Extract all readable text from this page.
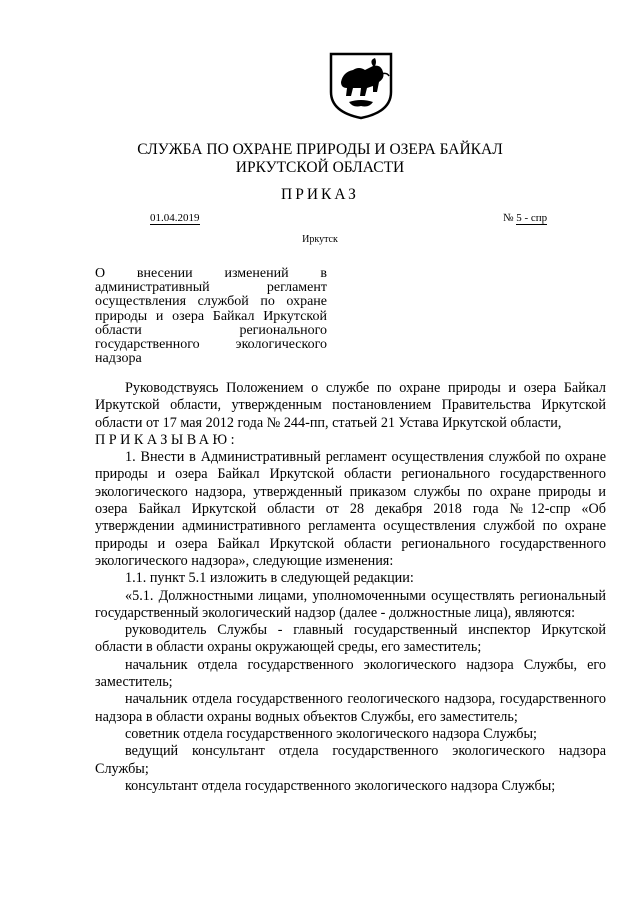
СЛУЖБА ПО ОХРАНЕ ПРИРОДЫ И ОЗЕРА БАЙКАЛ
ИРКУТСКОЙ ОБЛАСТИ
ПРИКАЗ
01.04.2019	№ 5 - спр
Иркутск

О внесении изменений в

административный регламент

осуществления службой по охране

природы и озера Байкал Иркутской

области регионального

государственного экологического

надзора

Руководствуясь Положением о службе по охране природы и озера Байкал Иркутской области, утвержденным постановлением Правительства Иркутской области от 17 мая 2012 года № 244-пп, статьей 21 Устава Иркутской области,

ПРИКАЗЫВАЮ:

1. Внести в Административный регламент осуществления службой по охране природы и озера Байкал Иркутской области регионального государственного экологического надзора, утвержденный приказом службы по охране природы и озера Байкал Иркутской области от 28 декабря 2018 года №12-спр «Об утверждении административного регламента осуществления службой по охране природы и озера Байкал Иркутской области регионального государственного экологического надзора», следующие изменения:

1.1. пункт 5.1 изложить в следующей редакции:

«5.1. Должностными лицами, уполномоченными осуществлять региональный государственный экологический надзор (далее - должностные лица), являются:

руководитель Службы - главный государственный инспектор Иркутской области в области охраны окружающей среды, его заместитель;

начальник отдела государственного экологического надзора Службы, его заместитель;

начальник отдела государственного геологического надзора, государственного надзора в области охраны водных объектов Службы, его заместитель;

советник отдела государственного экологического надзора Службы;

ведущий консультант отдела государственного экологического надзора Службы;

консультант отдела государственного экологического надзора Службы;
